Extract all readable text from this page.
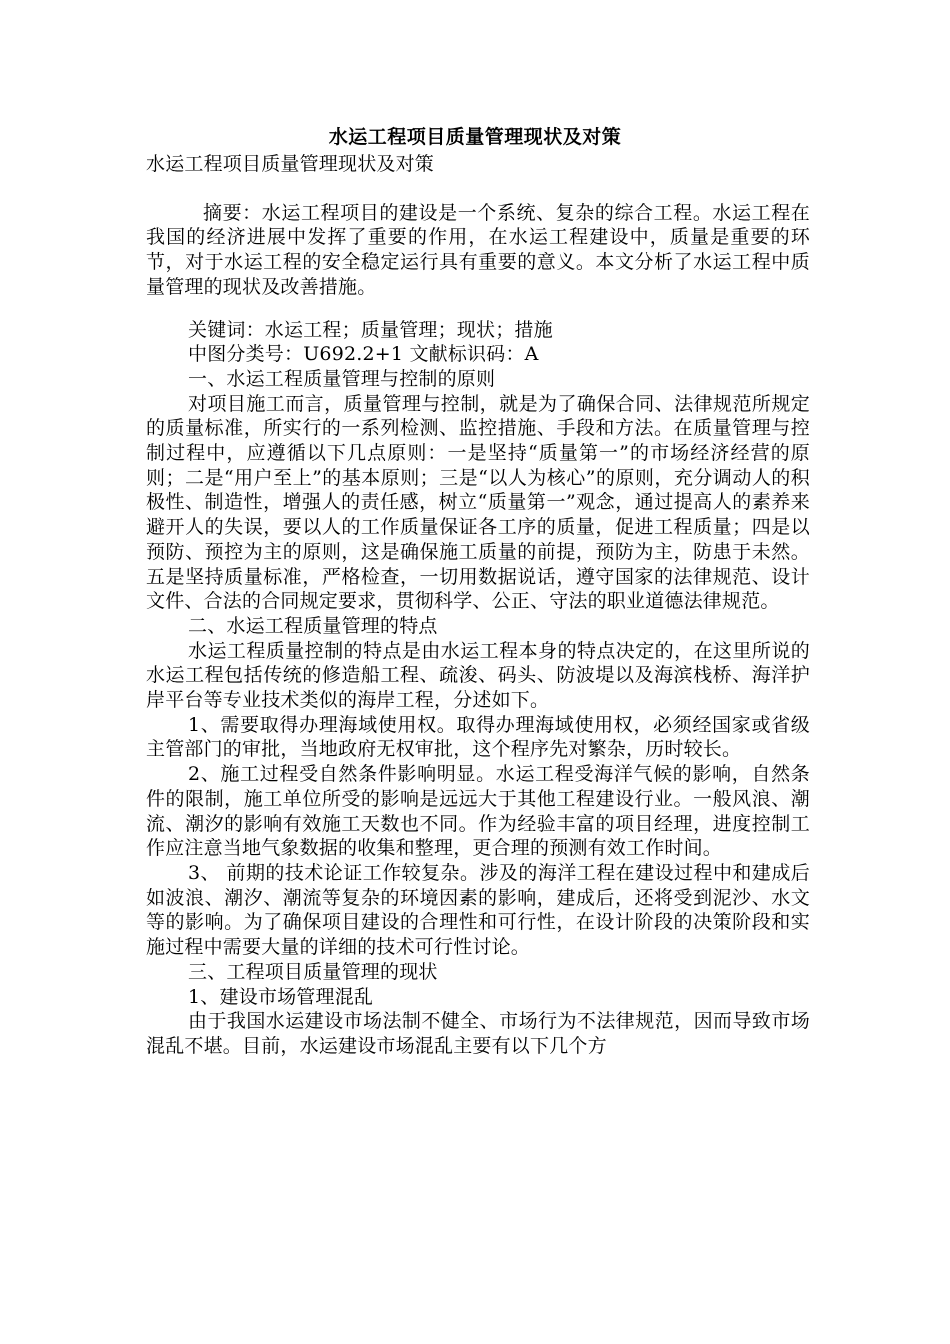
水运工程项目质量管理现状及对策

水运工程项目质量管理现状及对策

摘要：水运工程项目的建设是一个系统、复杂的综合工程。水运工程在我国的经济进展中发挥了重要的作用，在水运工程建设中，质量是重要的环节，对于水运工程的安全稳定运行具有重要的意义。本文分析了水运工程中质量管理的现状及改善措施。

关键词：水运工程；质量管理；现状；措施

中图分类号：U692.2+1 文献标识码：A

一、水运工程质量管理与控制的原则

对项目施工而言，质量管理与控制，就是为了确保合同、法律规范所规定的质量标准，所实行的一系列检测、监控措施、手段和方法。在质量管理与控制过程中，应遵循以下几点原则：一是坚持“质量第一”的市场经济经营的原则；二是“用户至上”的基本原则；三是“以人为核心”的原则，充分调动人的积极性、制造性，增强人的责任感，树立“质量第一”观念，通过提高人的素养来避开人的失误，要以人的工作质量保证各工序的质量，促进工程质量；四是以预防、预控为主的原则，这是确保施工质量的前提，预防为主，防患于未然。五是坚持质量标准，严格检查，一切用数据说话，遵守国家的法律规范、设计文件、合法的合同规定要求，贯彻科学、公正、守法的职业道德法律规范。

二、水运工程质量管理的特点

水运工程质量控制的特点是由水运工程本身的特点决定的，在这里所说的水运工程包括传统的修造船工程、疏浚、码头、防波堤以及海滨栈桥、海洋护岸平台等专业技术类似的海岸工程，分述如下。

1、需要取得办理海域使用权。取得办理海域使用权，必须经国家或省级主管部门的审批，当地政府无权审批，这个程序先对繁杂，历时较长。

2、施工过程受自然条件影响明显。水运工程受海洋气候的影响，自然条件的限制，施工单位所受的影响是远远大于其他工程建设行业。一般风浪、潮流、潮汐的影响有效施工天数也不同。作为经验丰富的项目经理，进度控制工作应注意当地气象数据的收集和整理，更合理的预测有效工作时间。

3、 前期的技术论证工作较复杂。涉及的海洋工程在建设过程中和建成后如波浪、潮汐、潮流等复杂的环境因素的影响，建成后，还将受到泥沙、水文等的影响。为了确保项目建设的合理性和可行性，在设计阶段的决策阶段和实施过程中需要大量的详细的技术可行性讨论。

三、工程项目质量管理的现状

1、建设市场管理混乱

由于我国水运建设市场法制不健全、市场行为不法律规范，因而导致市场混乱不堪。目前，水运建设市场混乱主要有以下几个方
